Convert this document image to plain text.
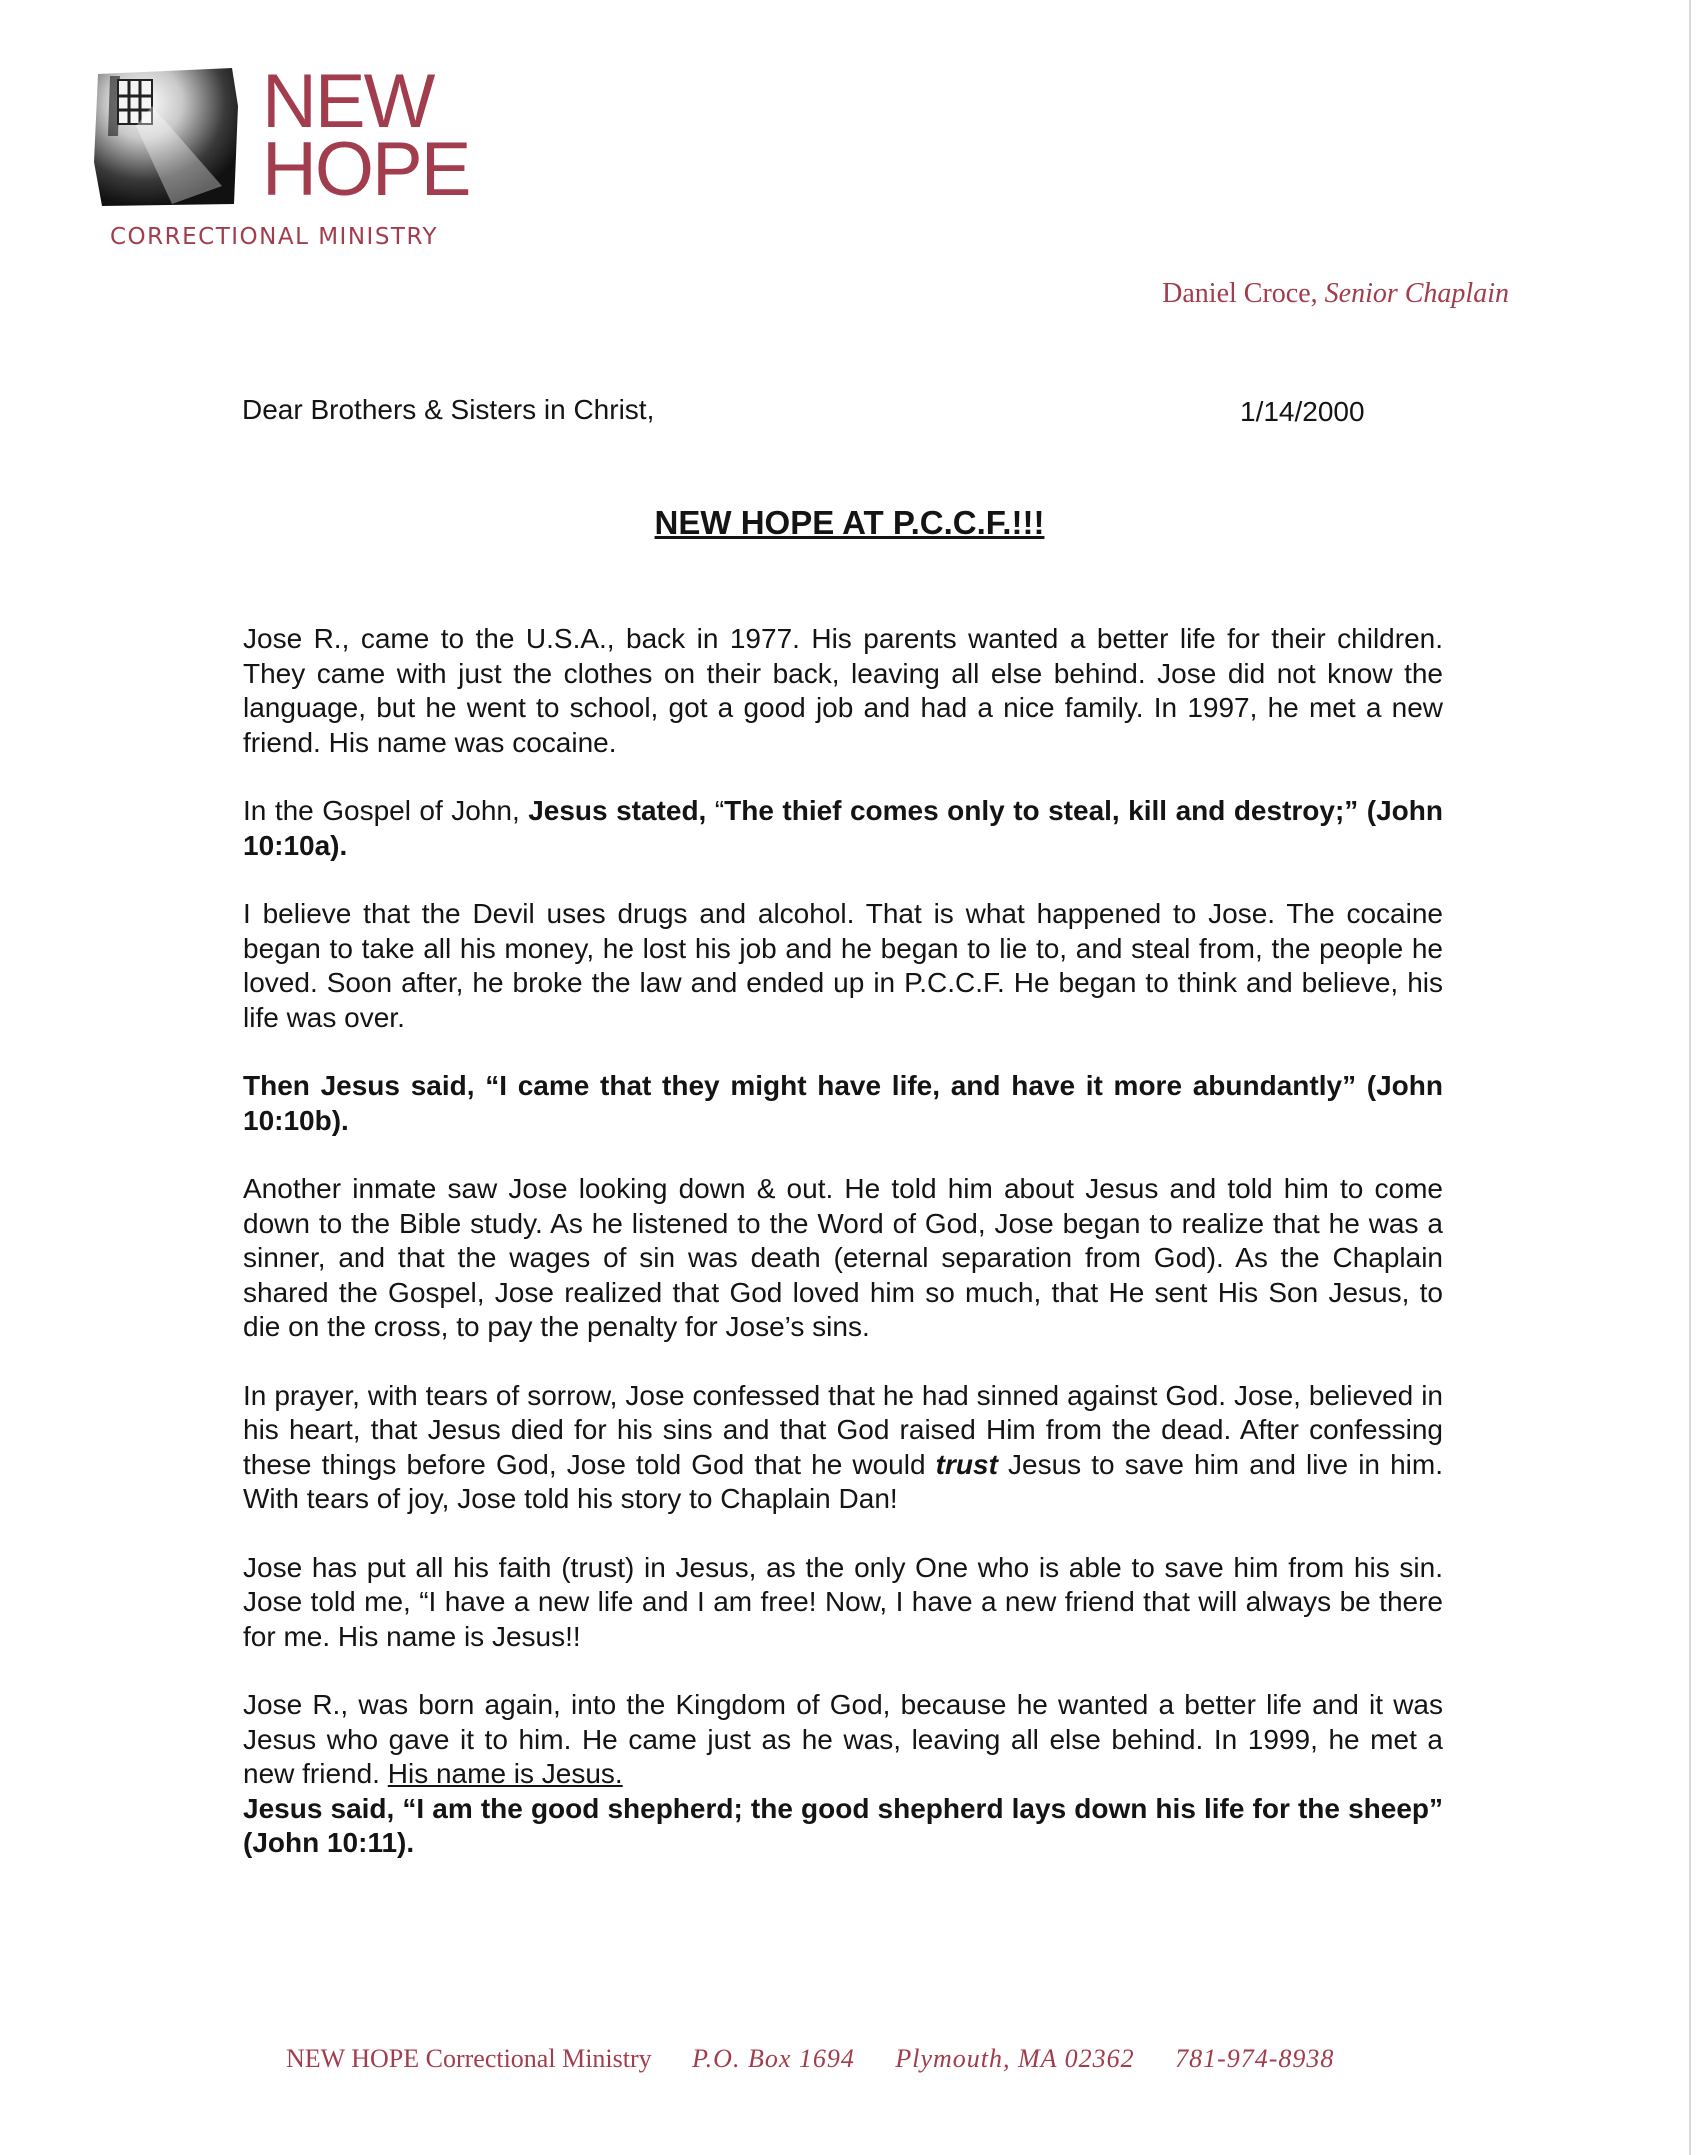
NEW
HOPE
CORRECTIONAL MINISTRY
Daniel Croce, Senior Chaplain
Dear Brothers & Sisters in Christ,	1/14/2000
NEW HOPE AT P.C.C.F.!!!

Jose R., came to the U.S.A., back in 1977. His parents wanted a better life for their children. They came with just the clothes on their back, leaving all else behind. Jose did not know the language, but he went to school, got a good job and had a nice family. In 1997, he met a new friend. His name was cocaine.

In the Gospel of John, Jesus stated, “The thief comes only to steal, kill and destroy;” (John 10:10a).

I believe that the Devil uses drugs and alcohol. That is what happened to Jose. The cocaine began to take all his money, he lost his job and he began to lie to, and steal from, the people he loved. Soon after, he broke the law and ended up in P.C.C.F. He began to think and believe, his life was over.

Then Jesus said, “I came that they might have life, and have it more abundantly” (John 10:10b).

Another inmate saw Jose looking down & out. He told him about Jesus and told him to come down to the Bible study. As he listened to the Word of God, Jose began to realize that he was a sinner, and that the wages of sin was death (eternal separation from God). As the Chaplain shared the Gospel, Jose realized that God loved him so much, that He sent His Son Jesus, to die on the cross, to pay the penalty for Jose’s sins.

In prayer, with tears of sorrow, Jose confessed that he had sinned against God. Jose, believed in his heart, that Jesus died for his sins and that God raised Him from the dead. After confessing these things before God, Jose told God that he would trust Jesus to save him and live in him. With tears of joy, Jose told his story to Chaplain Dan!

Jose has put all his faith (trust) in Jesus, as the only One who is able to save him from his sin. Jose told me, “I have a new life and I am free! Now, I have a new friend that will always be there for me. His name is Jesus!!

Jose R., was born again, into the Kingdom of God, because he wanted a better life and it was Jesus who gave it to him. He came just as he was, leaving all else behind. In 1999, he met a new friend. His name is Jesus.

Jesus said, “I am the good shepherd; the good shepherd lays down his life for the sheep” (John 10:11).

NEW HOPE Correctional Ministry P.O. Box 1694 Plymouth, MA 02362 781-974-8938
